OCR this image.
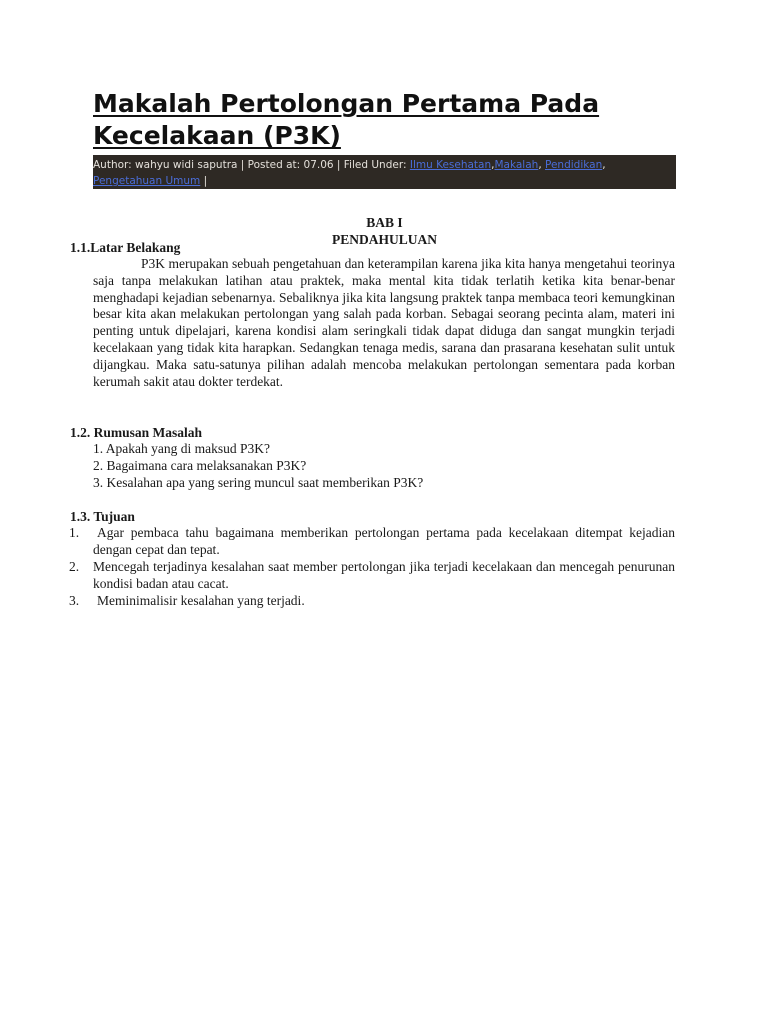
Makalah Pertolongan Pertama Pada
Kecelakaan (P3K)
Author: wahyu widi saputra | Posted at: 07.06 | Filed Under: Ilmu Kesehatan,Makalah, Pendidikan, Pengetahuan Umum |
BAB I
PENDAHULUAN
1.1.Latar Belakang

P3K merupakan sebuah pengetahuan dan keterampilan karena jika kita hanya mengetahui teorinya saja tanpa melakukan latihan atau praktek, maka mental kita tidak terlatih ketika kita benar-benar menghadapi kejadian sebenarnya. Sebaliknya jika kita langsung praktek tanpa membaca teori kemungkinan besar kita akan melakukan pertolongan yang salah pada korban. Sebagai seorang pecinta alam, materi ini penting untuk dipelajari, karena kondisi alam seringkali tidak dapat diduga dan sangat mungkin terjadi kecelakaan yang tidak kita harapkan. Sedangkan tenaga medis, sarana dan prasarana kesehatan sulit untuk dijangkau. Maka satu-satunya pilihan adalah mencoba melakukan pertolongan sementara pada korban kerumah sakit atau dokter terdekat.

1.2. Rumusan Masalah
1. Apakah yang di maksud P3K?
2. Bagaimana cara melaksanakan P3K?
3. Kesalahan apa yang sering muncul saat memberikan P3K?
1.3. Tujuan
1. Agar pembaca tahu bagaimana memberikan pertolongan pertama pada kecelakaan ditempat kejadian dengan cepat dan tepat.
2. Mencegah terjadinya kesalahan saat member pertolongan jika terjadi kecelakaan dan mencegah penurunan kondisi badan atau cacat.
3. Meminimalisir kesalahan yang terjadi.
